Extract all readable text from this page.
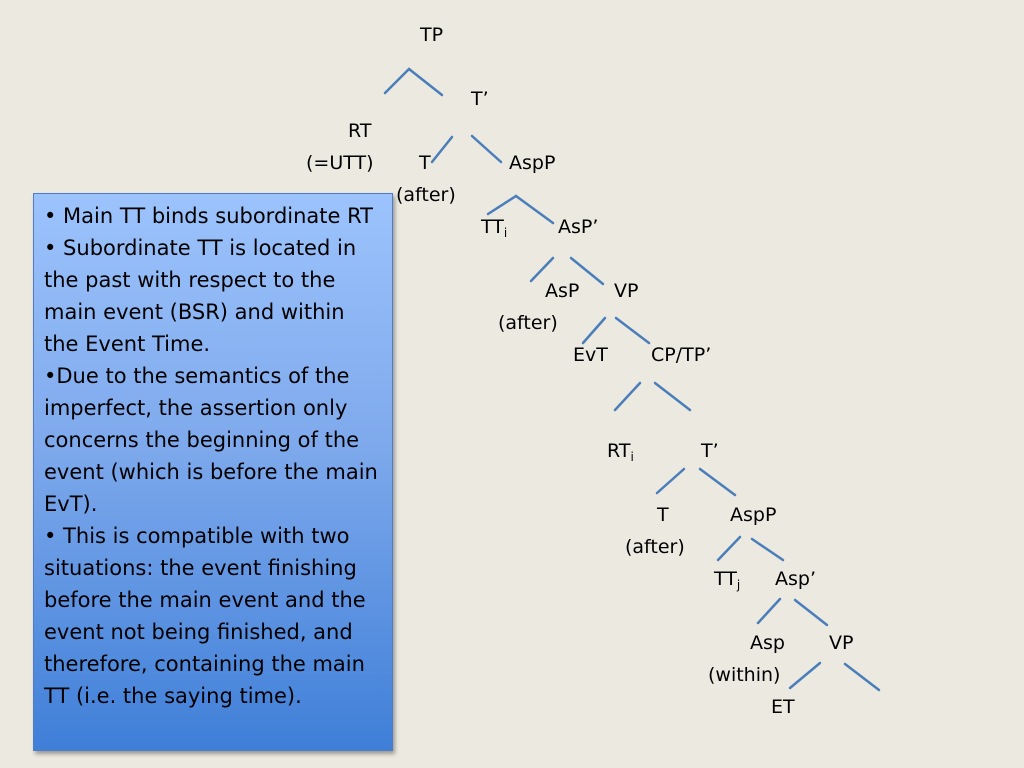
TP
T’
RT
(=UTT) T
(after)
AspP
$TT_i$	AsP’
AsP
(after)
VP
EvT CP/TP’
$RT_i$	T’
T
(after)
AspP
$TT_j$ Asp’
Asp
(within)
VP
ET
• Main TT binds subordinate RT
• Subordinate TT is located in the past with respect to the main event (BSR) and within the Event Time.
•Due to the semantics of the imperfect, the assertion only concerns the beginning of the event (which is before the main EvT).
• This is compatible with two situations: the event finishing before the main event and the event not being finished, and therefore, containing the main TT (i.e. the saying time).
